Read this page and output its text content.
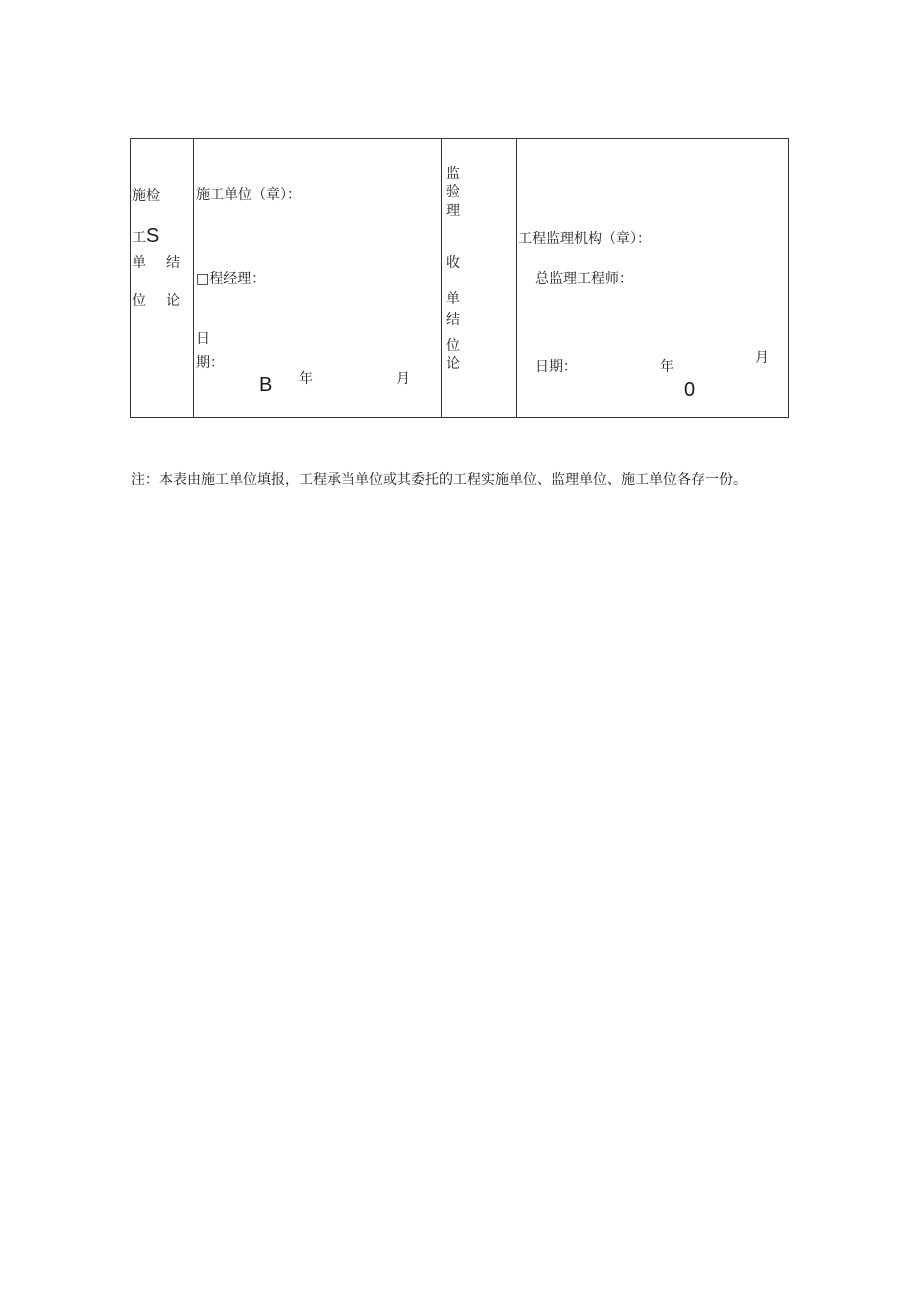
施检
工 S
单 结
位 论
施工单位（章）：
□程经理：
日
期：
B 年	月
监
验
理
收
单
结
位
论
工程监理机构（章）：
总监理工程师：
日期：	年
月
0
注：本表由施工单位填报，工程承当单位或其委托的工程实施单位、监理单位、施工单位各存一份。
